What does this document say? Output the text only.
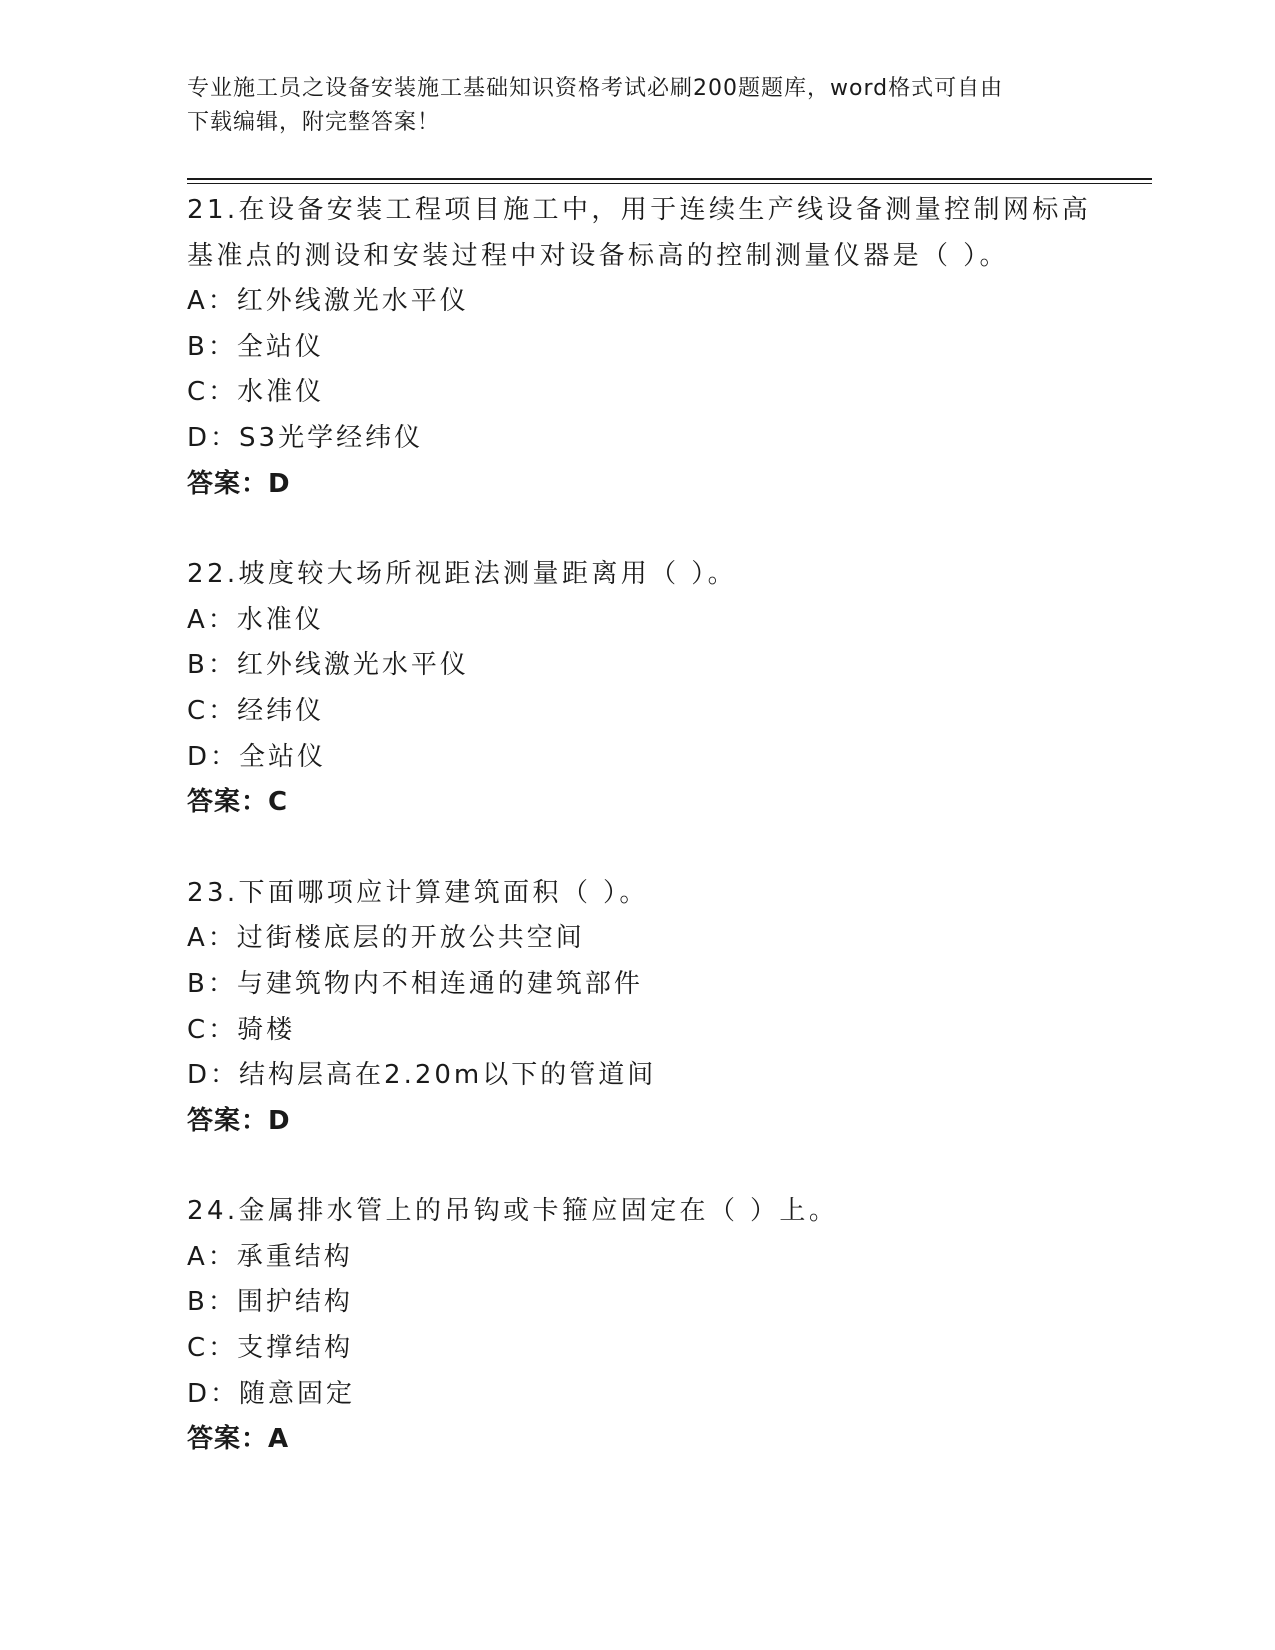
专业施工员之设备安装施工基础知识资格考试必刷200题题库，word格式可自由
下载编辑，附完整答案！
21.在设备安装工程项目施工中，用于连续生产线设备测量控制网标高
基准点的测设和安装过程中对设备标高的控制测量仪器是（ ）。
A：红外线激光水平仪
B：全站仪
C：水准仪
D：S3光学经纬仪
答案：D
22.坡度较大场所视距法测量距离用（ ）。
A：水准仪
B：红外线激光水平仪
C：经纬仪
D：全站仪
答案：C
23.下面哪项应计算建筑面积（ ）。
A：过街楼底层的开放公共空间
B：与建筑物内不相连通的建筑部件
C：骑楼
D：结构层高在2.20m以下的管道间
答案：D
24.金属排水管上的吊钩或卡箍应固定在（ ）上。
A：承重结构
B：围护结构
C：支撑结构
D：随意固定
答案：A
